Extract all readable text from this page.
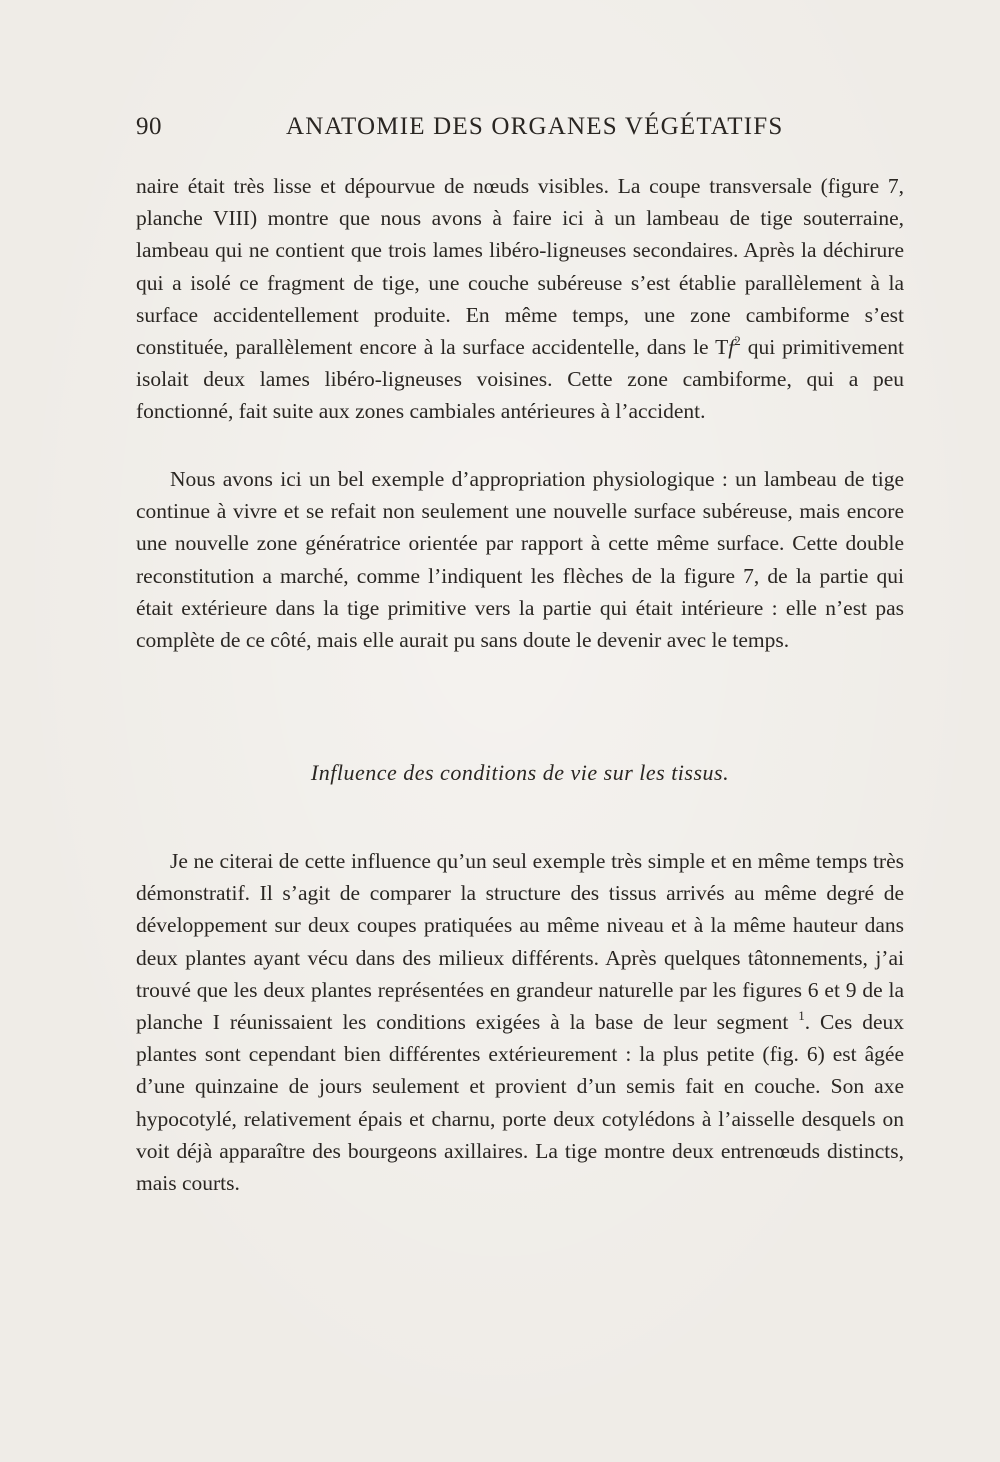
90	ANATOMIE DES ORGANES VÉGÉTATIFS

naire était très lisse et dépourvue de nœuds visibles. La coupe transversale (figure 7, planche VIII) montre que nous avons à faire ici à un lambeau de tige souterraine, lambeau qui ne contient que trois lames libéro-ligneuses secondaires. Après la déchirure qui a isolé ce fragment de tige, une couche subéreuse s’est établie parallèlement à la surface accidentellement produite. En même temps, une zone cambiforme s’est constituée, parallèlement encore à la surface accidentelle, dans le Tf$^2$ qui primitivement isolait deux lames libéro-ligneuses voisines. Cette zone cambiforme, qui a peu fonctionné, fait suite aux zones cambiales antérieures à l’accident.

Nous avons ici un bel exemple d’appropriation physiologique : un lambeau de tige continue à vivre et se refait non seulement une nouvelle surface subéreuse, mais encore une nouvelle zone génératrice orientée par rapport à cette même surface. Cette double reconstitution a marché, comme l’indiquent les flèches de la figure 7, de la partie qui était extérieure dans la tige primitive vers la partie qui était intérieure : elle n’est pas complète de ce côté, mais elle aurait pu sans doute le devenir avec le temps.

Influence des conditions de vie sur les tissus.

Je ne citerai de cette influence qu’un seul exemple très simple et en même temps très démonstratif. Il s’agit de comparer la structure des tissus arrivés au même degré de développement sur deux coupes pratiquées au même niveau et à la même hauteur dans deux plantes ayant vécu dans des milieux différents. Après quelques tâtonnements, j’ai trouvé que les deux plantes représentées en grandeur naturelle par les figures 6 et 9 de la planche I réunissaient les conditions exigées à la base de leur segment $^1$. Ces deux plantes sont cependant bien différentes extérieurement : la plus petite (fig. 6) est âgée d’une quinzaine de jours seulement et provient d’un semis fait en couche. Son axe hypocotylé, relativement épais et charnu, porte deux cotylédons à l’aisselle desquels on voit déjà apparaître des bourgeons axillaires. La tige montre deux entrenœuds distincts, mais courts.
